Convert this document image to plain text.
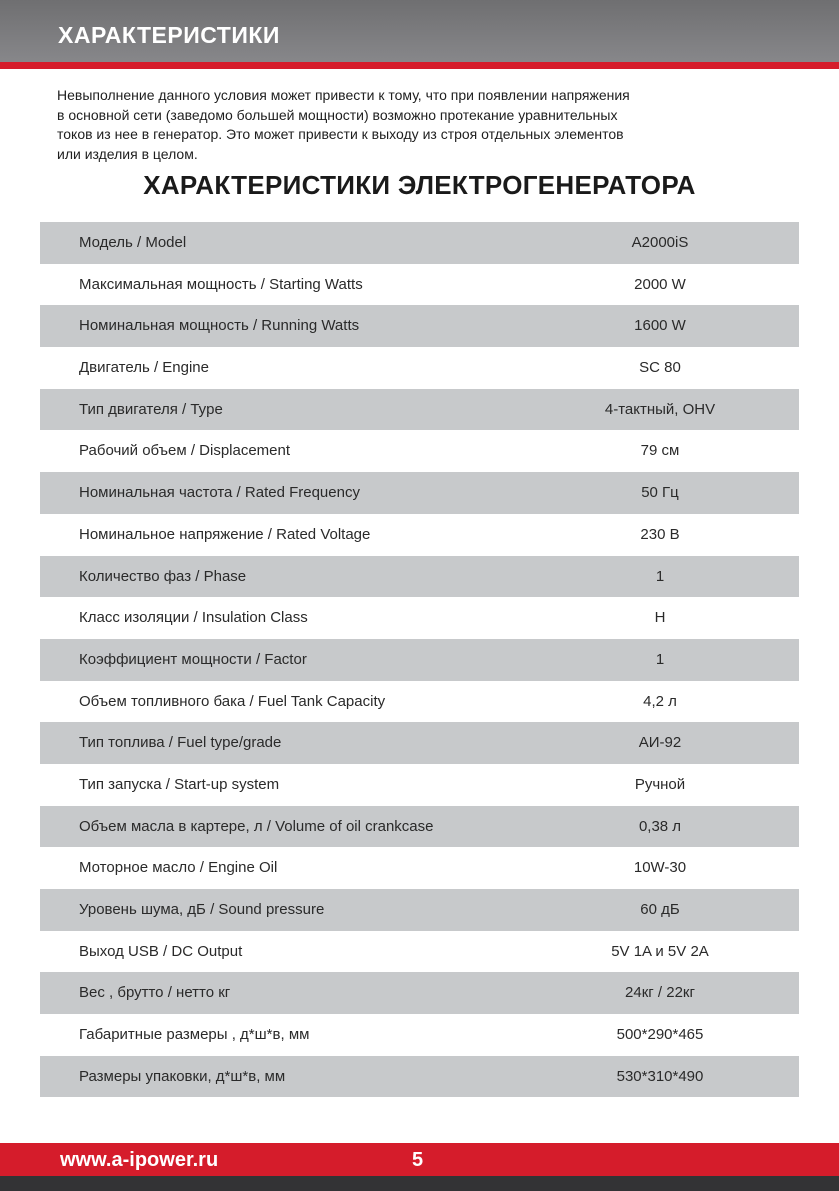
ХАРАКТЕРИСТИКИ
Невыполнение данного условия может привести к тому, что при появлении напряжения
в основной сети (заведомо большей мощности) возможно протекание уравнительных
токов из нее в генератор. Это может привести к выходу из строя отдельных элементов
или изделия в целом.
ХАРАКТЕРИСТИКИ ЭЛЕКТРОГЕНЕРАТОРА
Модель / Model	A2000iS
Максимальная мощность / Starting Watts	2000 W
Номинальная мощность / Running Watts	1600 W
Двигатель / Engine	SC 80
Тип двигателя / Type	4-тактный, OHV
Рабочий объем / Displacement	79 см
Номинальная частота / Rated Frequency	50 Гц
Номинальное напряжение / Rated Voltage	230 В
Количество фаз / Phase	1
Класс изоляции / Insulation Class	H
Коэффициент мощности / Factor	1
Объем топливного бака / Fuel Tank Capacity	4,2 л
Тип топлива / Fuel type/grade	АИ-92
Тип запуска / Start-up system	Ручной
Объем масла в картере, л / Volume of oil crankcase	0,38 л
Моторное масло / Engine Oil	10W-30
Уровень шума, дБ / Sound pressure	60 дБ
Выход USB / DC Output	5V 1A и 5V 2A
Вес , брутто / нетто кг	24кг / 22кг
Габаритные размеры , д*ш*в, мм	500*290*465
Размеры упаковки, д*ш*в, мм	530*310*490
www.a-ipower.ru	5
